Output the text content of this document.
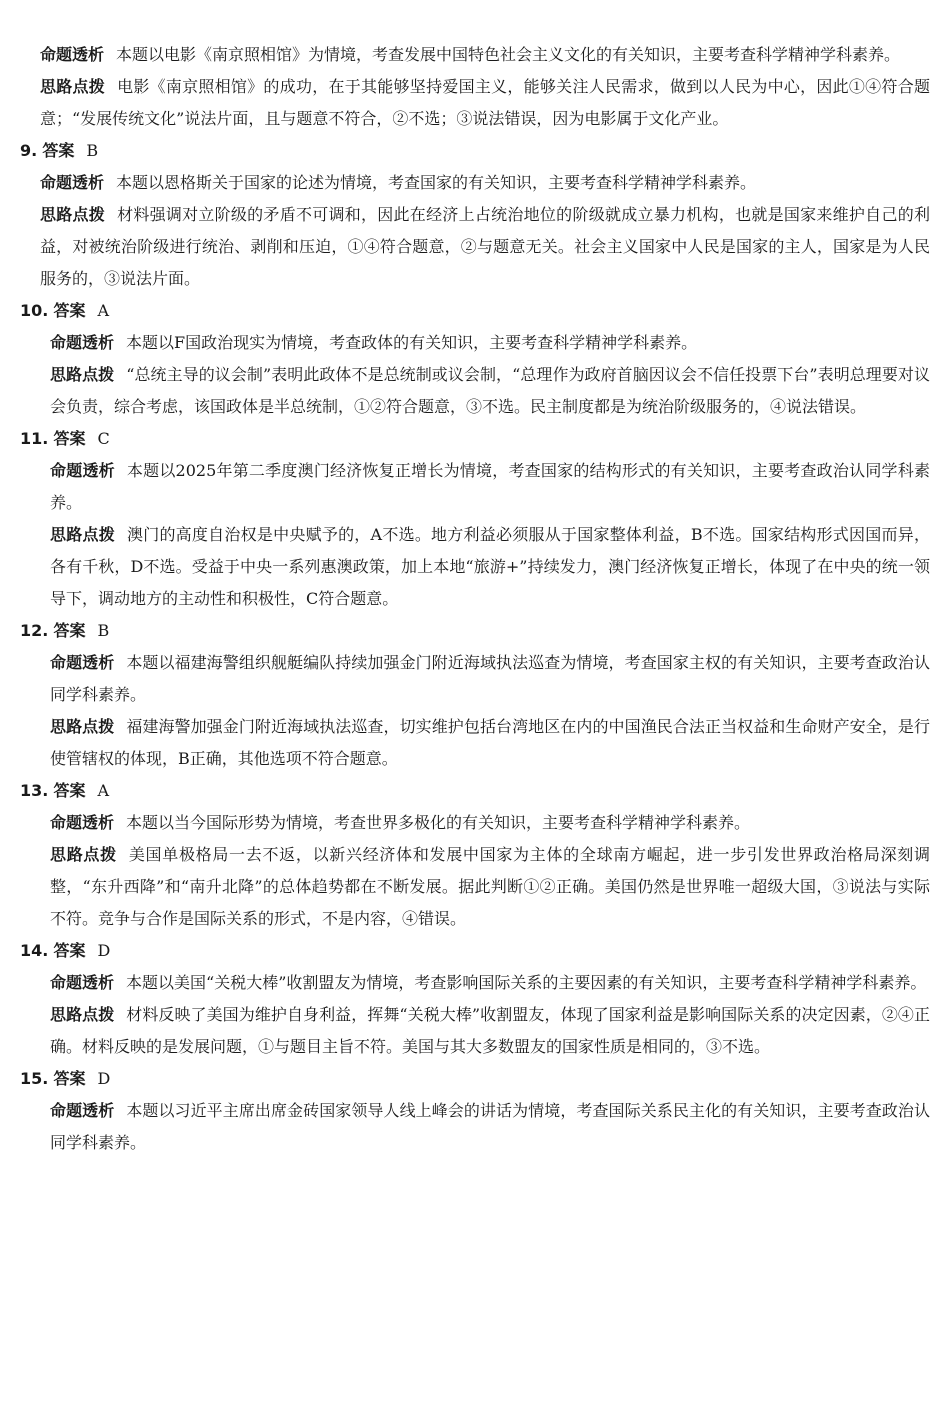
命题透析 本题以电影《南京照相馆》为情境，考查发展中国特色社会主义文化的有关知识，主要考查科学精神学科素养。
思路点拨 电影《南京照相馆》的成功，在于其能够坚持爱国主义，能够关注人民需求，做到以人民为中心，因此①④符合题意；“发展传统文化”说法片面，且与题意不符合，②不选；③说法错误，因为电影属于文化产业。
9. 答案 B
命题透析 本题以恩格斯关于国家的论述为情境，考查国家的有关知识，主要考查科学精神学科素养。
思路点拨 材料强调对立阶级的矛盾不可调和，因此在经济上占统治地位的阶级就成立暴力机构，也就是国家来维护自己的利益，对被统治阶级进行统治、剥削和压迫，①④符合题意，②与题意无关。社会主义国家中人民是国家的主人，国家是为人民服务的，③说法片面。
10. 答案 A
命题透析 本题以F国政治现实为情境，考查政体的有关知识，主要考查科学精神学科素养。
思路点拨 “总统主导的议会制”表明此政体不是总统制或议会制，“总理作为政府首脑因议会不信任投票下台”表明总理要对议会负责，综合考虑，该国政体是半总统制，①②符合题意，③不选。民主制度都是为统治阶级服务的，④说法错误。
11. 答案 C
命题透析 本题以2025年第二季度澳门经济恢复正增长为情境，考查国家的结构形式的有关知识，主要考查政治认同学科素养。
思路点拨 澳门的高度自治权是中央赋予的，A不选。地方利益必须服从于国家整体利益，B不选。国家结构形式因国而异，各有千秋，D不选。受益于中央一系列惠澳政策，加上本地“旅游+”持续发力，澳门经济恢复正增长，体现了在中央的统一领导下，调动地方的主动性和积极性，C符合题意。
12. 答案 B
命题透析 本题以福建海警组织舰艇编队持续加强金门附近海域执法巡查为情境，考查国家主权的有关知识，主要考查政治认同学科素养。
思路点拨 福建海警加强金门附近海域执法巡查，切实维护包括台湾地区在内的中国渔民合法正当权益和生命财产安全，是行使管辖权的体现，B正确，其他选项不符合题意。
13. 答案 A
命题透析 本题以当今国际形势为情境，考查世界多极化的有关知识，主要考查科学精神学科素养。
思路点拨 美国单极格局一去不返，以新兴经济体和发展中国家为主体的全球南方崛起，进一步引发世界政治格局深刻调整，“东升西降”和“南升北降”的总体趋势都在不断发展。据此判断①②正确。美国仍然是世界唯一超级大国，③说法与实际不符。竞争与合作是国际关系的形式，不是内容，④错误。
14. 答案 D
命题透析 本题以美国“关税大棒”收割盟友为情境，考查影响国际关系的主要因素的有关知识，主要考查科学精神学科素养。
思路点拨 材料反映了美国为维护自身利益，挥舞“关税大棒”收割盟友，体现了国家利益是影响国际关系的决定因素，②④正确。材料反映的是发展问题，①与题目主旨不符。美国与其大多数盟友的国家性质是相同的，③不选。
15. 答案 D
命题透析 本题以习近平主席出席金砖国家领导人线上峰会的讲话为情境，考查国际关系民主化的有关知识，主要考查政治认同学科素养。
